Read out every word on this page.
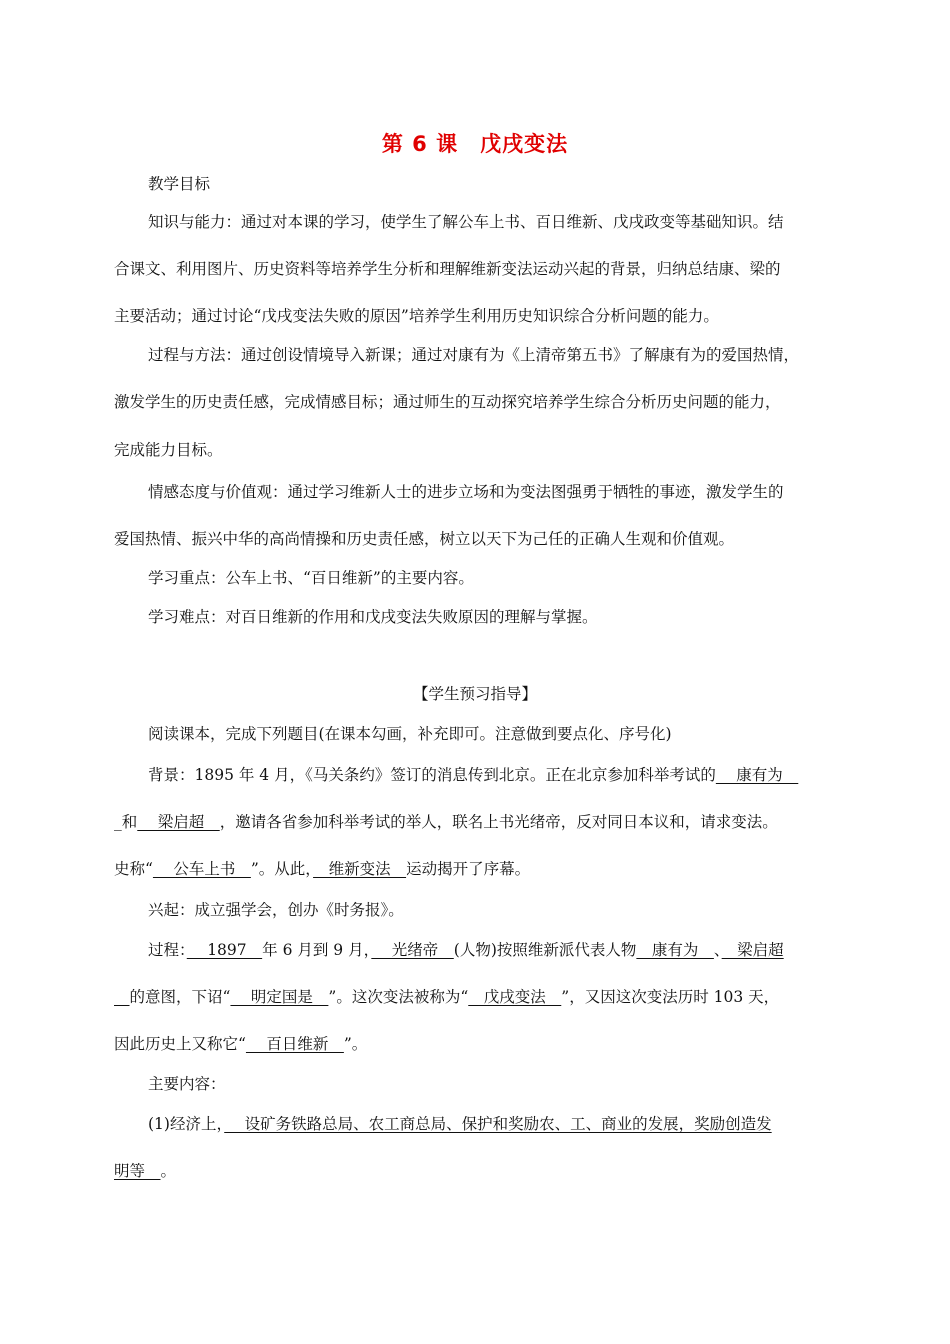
第 6 课　戊戌变法
教学目标
知识与能力：通过对本课的学习，使学生了解公车上书、百日维新、戊戌政变等基础知识。结
合课文、利用图片、历史资料等培养学生分析和理解维新变法运动兴起的背景，归纳总结康、梁的
主要活动；通过讨论“戊戌变法失败的原因”培养学生利用历史知识综合分析问题的能力。
过程与方法：通过创设情境导入新课；通过对康有为《上清帝第五书》了解康有为的爱国热情，
激发学生的历史责任感，完成情感目标；通过师生的互动探究培养学生综合分析历史问题的能力，
完成能力目标。
情感态度与价值观：通过学习维新人士的进步立场和为变法图强勇于牺牲的事迹，激发学生的
爱国热情、振兴中华的高尚情操和历史责任感，树立以天下为己任的正确人生观和价值观。
学习重点：公车上书、“百日维新”的主要内容。
学习难点：对百日维新的作用和戊戌变法失败原因的理解与掌握。
【学生预习指导】
阅读课本，完成下列题目(在课本勾画，补充即可。注意做到要点化、序号化)
背景：1895 年 4 月，《马关条约》签订的消息传到北京。正在北京参加科举考试的　 康有为　
_和　 梁启超　，邀请各省参加科举考试的举人，联名上书光绪帝，反对同日本议和，请求变法。
史称“　 公车上书　”。从此，　维新变法　运动揭开了序幕。
兴起：成立强学会，创办《时务报》。
过程：　 1897　年 6 月到 9 月，　 光绪帝　(人物)按照维新派代表人物　康有为　、　梁启超
　的意图，下诏“　 明定国是　”。这次变法被称为“　戊戌变法　”，又因这次变法历时 103 天，
因此历史上又称它“　 百日维新　”。
主要内容：
(1)经济上，　 设矿务铁路总局、农工商总局、保护和奖励农、工、商业的发展，奖励创造发
明等　。
